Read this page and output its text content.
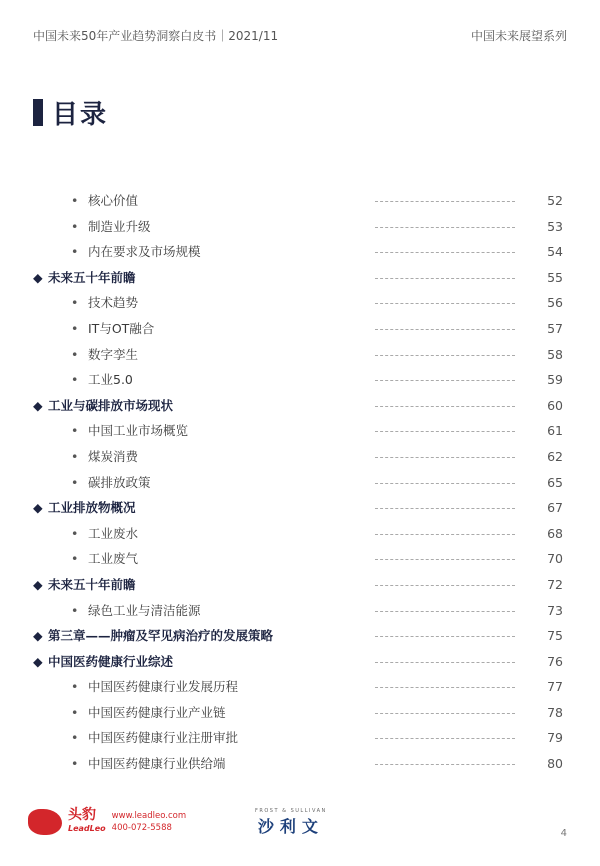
中国未来50年产业趋势洞察白皮书｜2021/11	中国未来展望系列
目录
• 核心价值	52
• 制造业升级	53
• 内在要求及市场规模	54
◆ 未来五十年前瞻	55
• 技术趋势	56
• IT与OT融合	57
• 数字孪生	58
• 工业5.0	59
◆ 工业与碳排放市场现状	60
• 中国工业市场概览	61
• 煤炭消费	62
• 碳排放政策	65
◆ 工业排放物概况	67
• 工业废水	68
• 工业废气	70
◆ 未来五十年前瞻	72
• 绿色工业与清洁能源	73
◆ 第三章——肿瘤及罕见病治疗的发展策略	75
◆ 中国医药健康行业综述	76
• 中国医药健康行业发展历程	77
• 中国医药健康行业产业链	78
• 中国医药健康行业注册审批	79
• 中国医药健康行业供给端	80
头豹
LeadLeo
www.leadleo.com
400-072-5588
FROST & SULLIVAN
沙利文	4
